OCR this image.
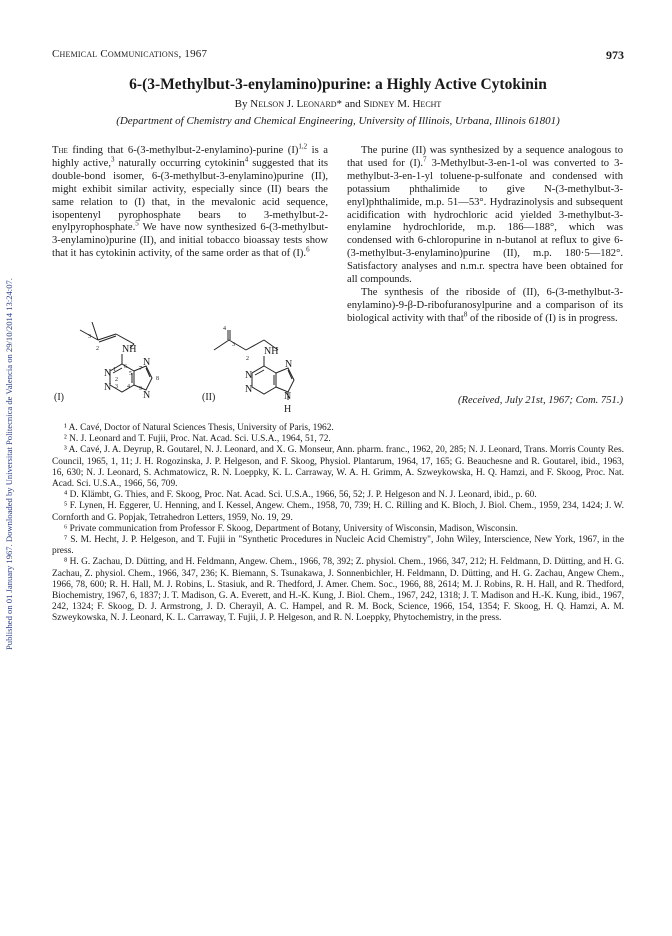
Published on 01 January 1967. Downloaded by Universitat Politecnica de Valencia on 29/10/2014 13:24:07.
Chemical Communications, 1967	973
6-(3-Methylbut-3-enylamino)purine: a Highly Active Cytokinin
By Nelson J. Leonard* and Sidney M. Hecht
(Department of Chemistry and Chemical Engineering, University of Illinois, Urbana, Illinois 61801)

The finding that 6-(3-methylbut-2-enylamino)-purine $(I)^{1,2}$ is a highly active,$^3$ naturally occurring cytokinin$^4$ suggested that its double-bond isomer, 6-(3-methylbut-3-enylamino)purine (II), might exhibit similar activity, especially since (II) bears the same relation to (I) that, in the mevalonic acid sequence, isopentenyl pyrophosphate bears to 3-methylbut-2-enylpyrophosphate.$^5$ We have now synthesized 6-(3-methylbut-3-enylamino)purine (II), and initial tobacco bioassay tests show that it has cytokinin activity, of the same order as that of (I).$^6$

NH
N
N
N
N
NH
N
N
N
N
H
1
2
3 4
5
6 7
8
9
2
3
4
3
2
(I)	(II)

The purine (II) was synthesized by a sequence analogous to that used for (I).$^7$ 3-Methylbut-3-en-1-ol was converted to 3-methylbut-3-en-1-yl toluene-p-sulfonate and condensed with potassium phthalimide to give N-(3-methylbut-3-enyl)phthalimide, m.p. 51—53°. Hydrazinolysis and subsequent acidification with hydrochloric acid yielded 3-methylbut-3-enylamine hydrochloride, m.p. 186—188°, which was condensed with 6-chloropurine in n-butanol at reflux to give 6-(3-methylbut-3-enylamino)purine (II), m.p. 180·5—182°. Satisfactory analyses and n.m.r. spectra have been obtained for all compounds.

The synthesis of the riboside of (II), 6-(3-methylbut-3-enylamino)-9-β-D-ribofuranosylpurine and a comparison of its biological activity with that$^8$ of the riboside of (I) is in progress.

(Received, July 21st, 1967; Com. 751.)

¹ A. Cavé, Doctor of Natural Sciences Thesis, University of Paris, 1962.

² N. J. Leonard and T. Fujii, Proc. Nat. Acad. Sci. U.S.A., 1964, 51, 72.

³ A. Cavé, J. A. Deyrup, R. Goutarel, N. J. Leonard, and X. G. Monseur, Ann. pharm. franc., 1962, 20, 285; N. J. Leonard, Trans. Morris County Res. Council, 1965, 1, 11; J. H. Rogozinska, J. P. Helgeson, and F. Skoog, Physiol. Plantarum, 1964, 17, 165; G. Beauchesne and R. Goutarel, ibid., 1963, 16, 630; N. J. Leonard, S. Achmatowicz, R. N. Loeppky, K. L. Carraway, W. A. H. Grimm, A. Szweykowska, H. Q. Hamzi, and F. Skoog, Proc. Nat. Acad. Sci. U.S.A., 1966, 56, 709.

⁴ D. Klämbt, G. Thies, and F. Skoog, Proc. Nat. Acad. Sci. U.S.A., 1966, 56, 52; J. P. Helgeson and N. J. Leonard, ibid., p. 60.

⁵ F. Lynen, H. Eggerer, U. Henning, and I. Kessel, Angew. Chem., 1958, 70, 739; H. C. Rilling and K. Bloch, J. Biol. Chem., 1959, 234, 1424; J. W. Cornforth and G. Popjak, Tetrahedron Letters, 1959, No. 19, 29.

⁶ Private communication from Professor F. Skoog, Department of Botany, University of Wisconsin, Madison, Wisconsin.

⁷ S. M. Hecht, J. P. Helgeson, and T. Fujii in "Synthetic Procedures in Nucleic Acid Chemistry", John Wiley, Interscience, New York, 1967, in the press.

⁸ H. G. Zachau, D. Dütting, and H. Feldmann, Angew. Chem., 1966, 78, 392; Z. physiol. Chem., 1966, 347, 212; H. Feldmann, D. Dütting, and H. G. Zachau, Z. physiol. Chem., 1966, 347, 236; K. Biemann, S. Tsunakawa, J. Sonnenbichler, H. Feldmann, D. Dütting, and H. G. Zachau, Angew Chem., 1966, 78, 600; R. H. Hall, M. J. Robins, L. Stasiuk, and R. Thedford, J. Amer. Chem. Soc., 1966, 88, 2614; M. J. Robins, R. H. Hall, and R. Thedford, Biochemistry, 1967, 6, 1837; J. T. Madison, G. A. Everett, and H.-K. Kung, J. Biol. Chem., 1967, 242, 1318; J. T. Madison and H.-K. Kung, ibid., 1967, 242, 1324; F. Skoog, D. J. Armstrong, J. D. Cherayil, A. C. Hampel, and R. M. Bock, Science, 1966, 154, 1354; F. Skoog, H. Q. Hamzi, A. M. Szweykowska, N. J. Leonard, K. L. Carraway, T. Fujii, J. P. Helgeson, and R. N. Loeppky, Phytochemistry, in the press.
